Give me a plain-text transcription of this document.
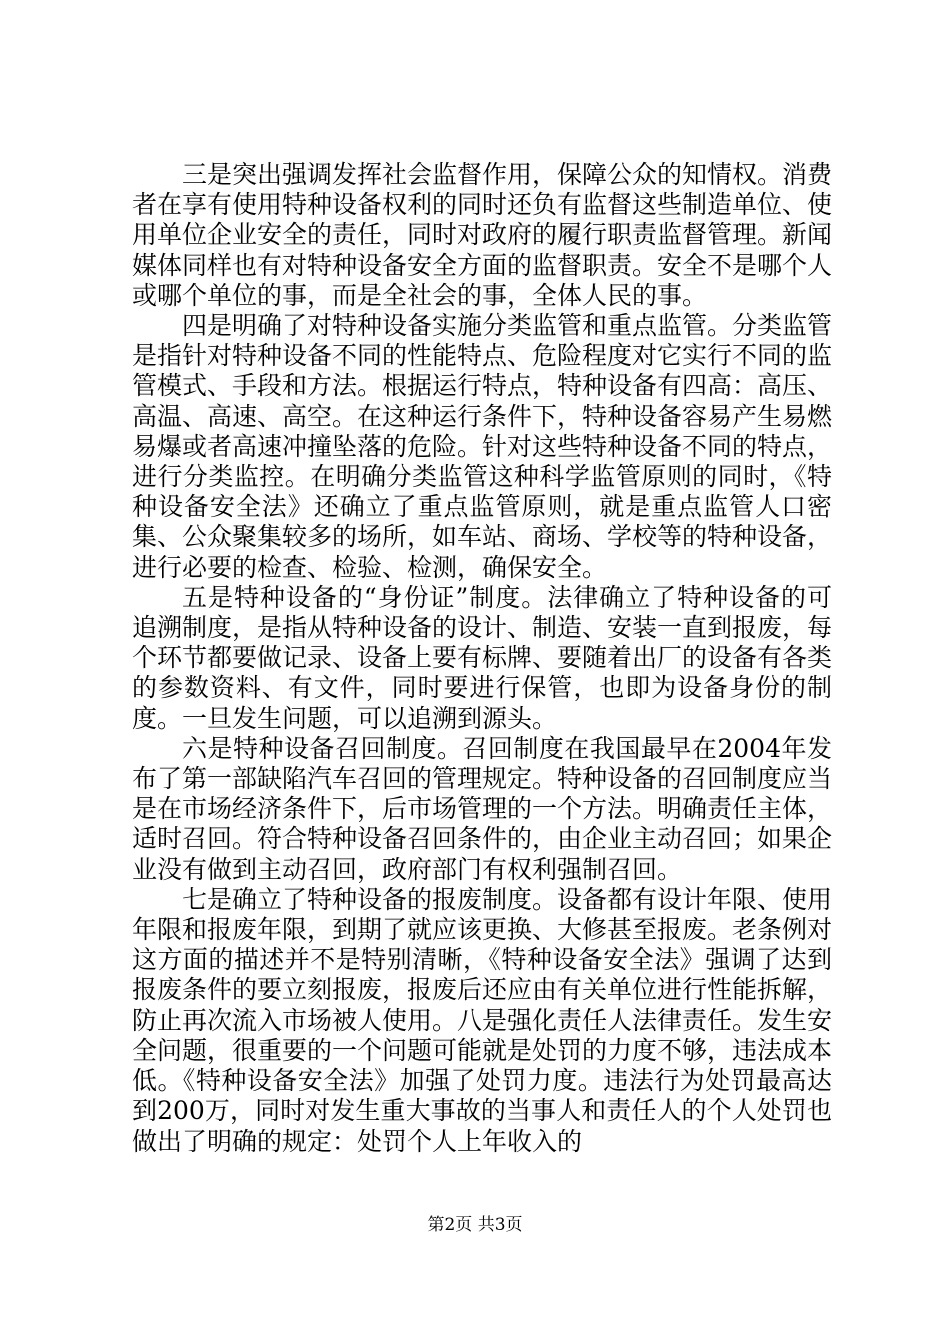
三是突出强调发挥社会监督作用，保障公众的知情权。消费者在享有使用特种设备权利的同时还负有监督这些制造单位、使用单位企业安全的责任，同时对政府的履行职责监督管理。新闻媒体同样也有对特种设备安全方面的监督职责。安全不是哪个人或哪个单位的事，而是全社会的事，全体人民的事。

四是明确了对特种设备实施分类监管和重点监管。分类监管是指针对特种设备不同的性能特点、危险程度对它实行不同的监管模式、手段和方法。根据运行特点，特种设备有四高：高压、高温、高速、高空。在这种运行条件下，特种设备容易产生易燃易爆或者高速冲撞坠落的危险。针对这些特种设备不同的特点，进行分类监控。在明确分类监管这种科学监管原则的同时，《特种设备安全法》还确立了重点监管原则，就是重点监管人口密集、公众聚集较多的场所，如车站、商场、学校等的特种设备，进行必要的检查、检验、检测，确保安全。

五是特种设备的“身份证”制度。法律确立了特种设备的可追溯制度，是指从特种设备的设计、制造、安装一直到报废，每个环节都要做记录、设备上要有标牌、要随着出厂的设备有各类的参数资料、有文件，同时要进行保管，也即为设备身份的制度。一旦发生问题，可以追溯到源头。

六是特种设备召回制度。召回制度在我国最早在2004年发布了第一部缺陷汽车召回的管理规定。特种设备的召回制度应当是在市场经济条件下，后市场管理的一个方法。明确责任主体，适时召回。符合特种设备召回条件的，由企业主动召回；如果企业没有做到主动召回，政府部门有权利强制召回。

七是确立了特种设备的报废制度。设备都有设计年限、使用年限和报废年限，到期了就应该更换、大修甚至报废。老条例对这方面的描述并不是特别清晰，《特种设备安全法》强调了达到报废条件的要立刻报废，报废后还应由有关单位进行性能拆解，防止再次流入市场被人使用。八是强化责任人法律责任。发生安全问题，很重要的一个问题可能就是处罚的力度不够，违法成本低。《特种设备安全法》加强了处罚力度。违法行为处罚最高达到200万，同时对发生重大事故的当事人和责任人的个人处罚也做出了明确的规定：处罚个人上年收入的

第2页 共3页
